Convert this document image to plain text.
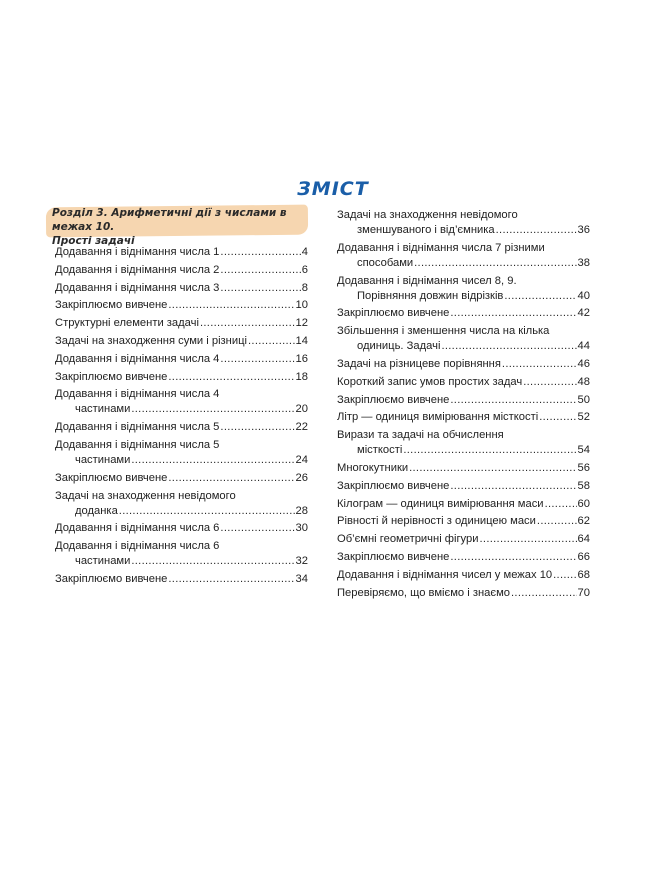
ЗМІСТ
Розділ 3. Арифметичні дії з числами в межах 10.
Прості задачі
Додавання і віднімання числа 1 .....	4
Додавання і віднімання числа 2 .....	6
Додавання і віднімання числа 3 .....	8
Закріплюємо вивчене .....	10
Структурні елементи задачі .....	12
Задачі на знаходження суми і різниці .....	14
Додавання і віднімання числа 4 .....	16
Закріплюємо вивчене .....	18
Додавання і віднімання числа 4
частинами .....	20
Додавання і віднімання числа 5 .....	22
Додавання і віднімання числа 5
частинами .....	24
Закріплюємо вивчене .....	26
Задачі на знаходження невідомого
доданка .....	28
Додавання і віднімання числа 6 .....	30
Додавання і віднімання числа 6
частинами .....	32
Закріплюємо вивчене .....	34
Задачі на знаходження невідомого
зменшуваного і від’ємника .....	36
Додавання і віднімання числа 7 різними
способами .....	38
Додавання і віднімання чисел 8, 9.
Порівняння довжин відрізків .....	40
Закріплюємо вивчене .....	42
Збільшення і зменшення числа на кілька
одиниць. Задачі .....	44
Задачі на різницеве порівняння .....	46
Короткий запис умов простих задач .....	48
Закріплюємо вивчене .....	50
Літр — одиниця вимірювання місткості .....	52
Вирази та задачі на обчислення
місткості .....	54
Многокутники .....	56
Закріплюємо вивчене .....	58
Кілограм — одиниця вимірювання маси .....	60
Рівності й нерівності з одиницею маси .....	62
Об’ємні геометричні фігури .....	64
Закріплюємо вивчене .....	66
Додавання і віднімання чисел у межах 10 ..... 68
Перевіряємо, що вміємо і знаємо .....	70
